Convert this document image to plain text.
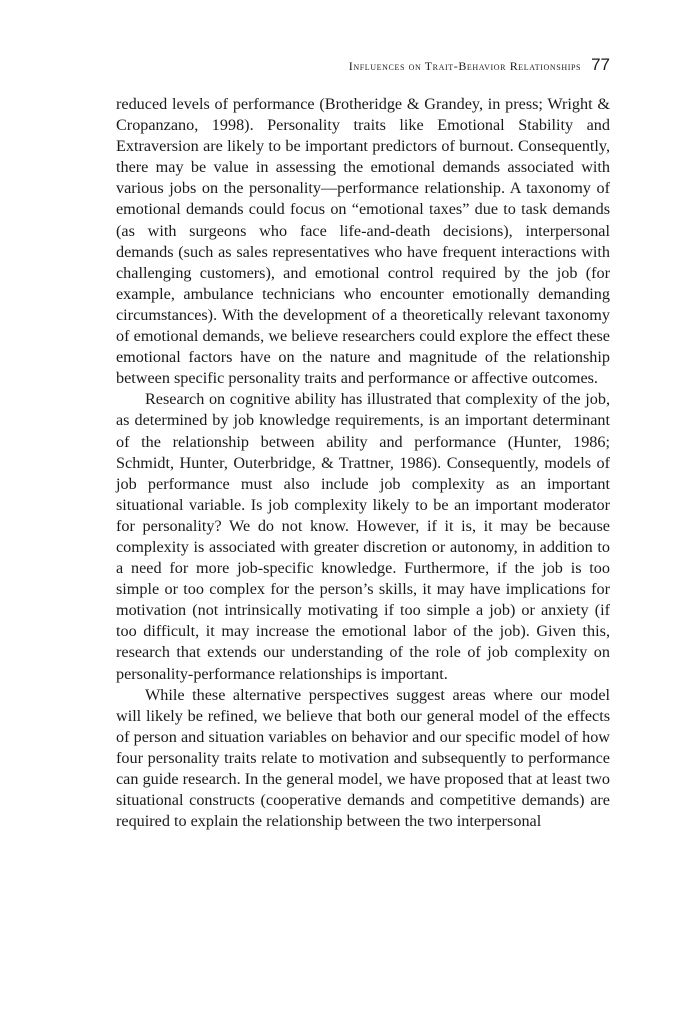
Influences on Trait-Behavior Relationships 77

reduced levels of performance (Brotheridge & Grandey, in press; Wright & Cropanzano, 1998). Personality traits like Emotional Stability and Extraversion are likely to be important predictors of burnout. Consequently, there may be value in assessing the emotional demands associated with various jobs on the personality—performance relationship. A taxonomy of emotional demands could focus on “emotional taxes” due to task demands (as with surgeons who face life-and-death decisions), interpersonal demands (such as sales representatives who have frequent interactions with challenging customers), and emotional control required by the job (for example, ambulance technicians who encounter emotionally demanding circumstances). With the development of a theoretically relevant taxonomy of emotional demands, we believe researchers could explore the effect these emotional factors have on the nature and magnitude of the relationship between specific personality traits and performance or affective outcomes.

Research on cognitive ability has illustrated that complexity of the job, as determined by job knowledge requirements, is an important determinant of the relationship between ability and performance (Hunter, 1986; Schmidt, Hunter, Outerbridge, & Trattner, 1986). Consequently, models of job performance must also include job complexity as an important situational variable. Is job complexity likely to be an important moderator for personality? We do not know. However, if it is, it may be because complexity is associated with greater discretion or autonomy, in addition to a need for more job-specific knowledge. Furthermore, if the job is too simple or too complex for the person’s skills, it may have implications for motivation (not intrinsically motivating if too simple a job) or anxiety (if too difficult, it may increase the emotional labor of the job). Given this, research that extends our understanding of the role of job complexity on personality-performance relationships is important.

While these alternative perspectives suggest areas where our model will likely be refined, we believe that both our general model of the effects of person and situation variables on behavior and our specific model of how four personality traits relate to motivation and subsequently to performance can guide research. In the general model, we have proposed that at least two situational constructs (cooperative demands and competitive demands) are required to explain the relationship between the two interpersonal
